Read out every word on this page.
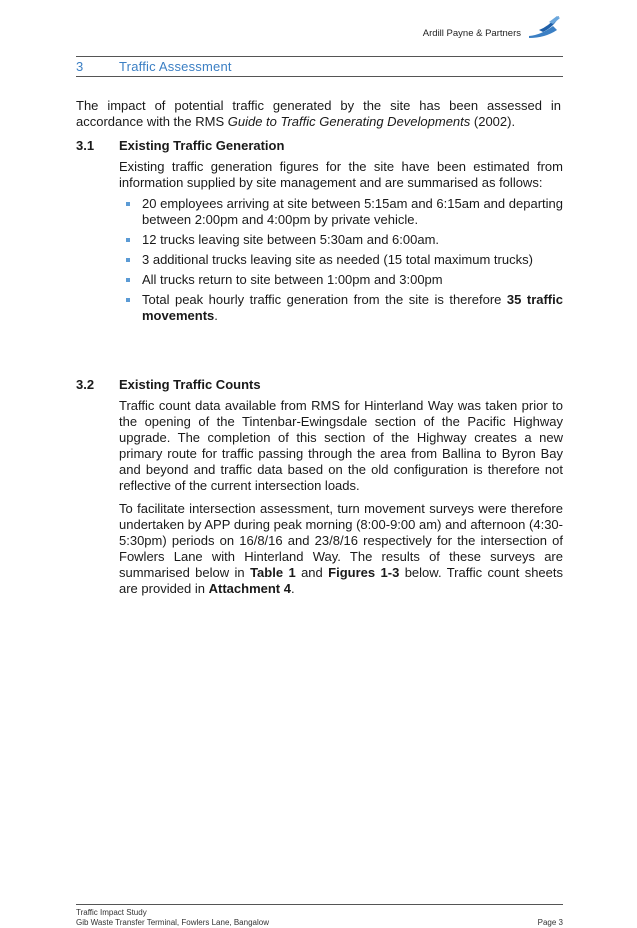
Ardill Payne & Partners
3	Traffic Assessment

The impact of potential traffic generated by the site has been assessed in accordance with the RMS Guide to Traffic Generating Developments (2002).

3.1	Existing Traffic Generation

Existing traffic generation figures for the site have been estimated from information supplied by site management and are summarised as follows:

20 employees arriving at site between 5:15am and 6:15am and departing between 2:00pm and 4:00pm by private vehicle.
12 trucks leaving site between 5:30am and 6:00am.
3 additional trucks leaving site as needed (15 total maximum trucks)
All trucks return to site between 1:00pm and 3:00pm
Total peak hourly traffic generation from the site is therefore 35 traffic movements.
3.2	Existing Traffic Counts

Traffic count data available from RMS for Hinterland Way was taken prior to the opening of the Tintenbar-Ewingsdale section of the Pacific Highway upgrade. The completion of this section of the Highway creates a new primary route for traffic passing through the area from Ballina to Byron Bay and beyond and traffic data based on the old configuration is therefore not reflective of the current intersection loads.

To facilitate intersection assessment, turn movement surveys were therefore undertaken by APP during peak morning (8:00-9:00 am) and afternoon (4:30-5:30pm) periods on 16/8/16 and 23/8/16 respectively for the intersection of Fowlers Lane with Hinterland Way. The results of these surveys are summarised below in Table 1 and Figures 1-3 below. Traffic count sheets are provided in Attachment 4.

Traffic Impact Study
Gib Waste Transfer Terminal, Fowlers Lane, Bangalow	Page 3
